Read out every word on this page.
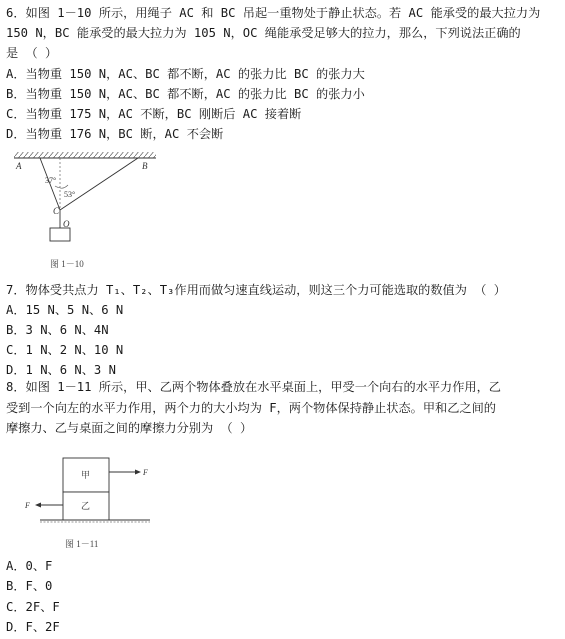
6．如图 1－10 所示，用绳子 AC 和 BC 吊起一重物处于静止状态。若 AC 能承受的最大拉力为
150 N，BC 能承受的最大拉力为 105 N，OC 绳能承受足够大的拉力，那么，下列说法正确的
是 （ ）
A．当物重 150 N，AC、BC 都不断，AC 的张力比 BC 的张力大
B．当物重 150 N，AC、BC 都不断，AC 的张力比 BC 的张力小
C．当物重 175 N，AC 不断，BC 刚断后 AC 接着断
D．当物重 176 N，BC 断，AC 不会断
A	B
C
O
37°
53°
图 1－10
7．物体受共点力 T₁、T₂、T₃作用而做匀速直线运动，则这三个力可能选取的数值为 （ ）
A．15 N、5 N、6 N
B．3 N、6 N、4N
C．1 N、2 N、10 N
D．1 N、6 N、3 N
8．如图 1－11 所示，甲、乙两个物体叠放在水平桌面上，甲受一个向右的水平力作用，乙
受到一个向左的水平力作用，两个力的大小均为 F，两个物体保持静止状态。甲和乙之间的
摩擦力、乙与桌面之间的摩擦力分别为 （ ）
甲
乙
F
F
图 1－11
A．0、F
B．F、0
C．2F、F
D．F、2F
